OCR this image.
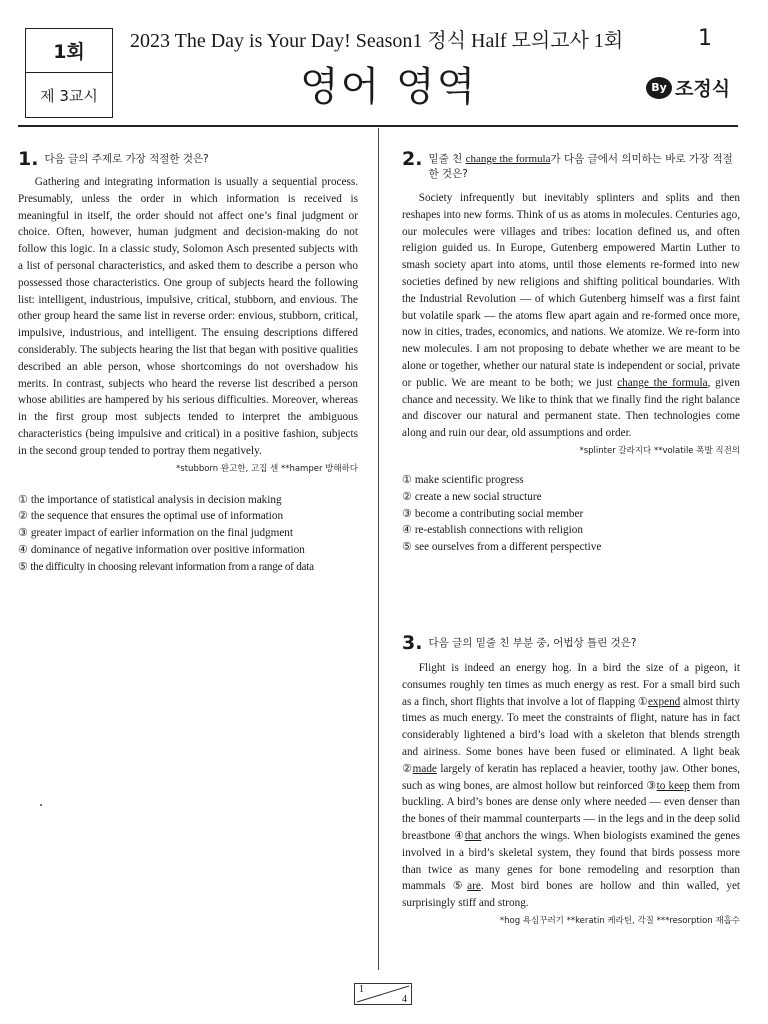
1회
제 3교시
2023 The Day is Your Day! Season1 정식 Half 모의고사 1회	1
영어 영역	By 조정식
1. 다음 글의 주제로 가장 적절한 것은?

Gathering and integrating information is usually a sequential process. Presumably, unless the order in which information is received is meaningful in itself, the order should not affect one’s final judgment or choice. Often, however, human judgment and decision-making do not follow this logic. In a classic study, Solomon Asch presented subjects with a list of personal characteristics, and asked them to describe a person who possessed those characteristics. One group of subjects heard the following list: intelligent, industrious, impulsive, critical, stubborn, and envious. The other group heard the same list in reverse order: envious, stubborn, critical, impulsive, industrious, and intelligent. The ensuing descriptions differed considerably. The subjects hearing the list that began with positive qualities described an able person, whose shortcomings do not overshadow his merits. In contrast, subjects who heard the reverse list described a person whose abilities are hampered by his serious difficulties. Moreover, whereas in the first group most subjects tended to interpret the ambiguous characteristics (being impulsive and critical) in a positive fashion, subjects in the second group tended to portray them negatively.

*stubborn 완고한, 고집 센 **hamper 방해하다
① the importance of statistical analysis in decision making
② the sequence that ensures the optimal use of information
③ greater impact of earlier information on the final judgment
④ dominance of negative information over positive information
⑤ the difficulty in choosing relevant information from a range of data
2. 밑줄 친 change the formula가 다음 글에서 의미하는 바로 가장 적절한 것은?

Society infrequently but inevitably splinters and splits and then reshapes into new forms. Think of us as atoms in molecules. Centuries ago, our molecules were villages and tribes: location defined us, and often religion guided us. In Europe, Gutenberg empowered Martin Luther to smash society apart into atoms, until those elements re-formed into new societies defined by new religions and shifting political boundaries. With the Industrial Revolution — of which Gutenberg himself was a first faint but volatile spark — the atoms flew apart again and re-formed once more, now in cities, trades, economics, and nations. We atomize. We re-form into new molecules. I am not proposing to debate whether we are meant to be alone or together, whether our natural state is independent or social, private or public. We are meant to be both; we just change the formula, given chance and necessity. We like to think that we finally find the right balance and discover our natural and permanent state. Then technologies come along and ruin our dear, old assumptions and order.

*splinter 갈라지다 **volatile 폭발 직전의
① make scientific progress
② create a new social structure
③ become a contributing social member
④ re-establish connections with religion
⑤ see ourselves from a different perspective
3. 다음 글의 밑줄 친 부분 중, 어법상 틀린 것은?

Flight is indeed an energy hog. In a bird the size of a pigeon, it consumes roughly ten times as much energy as rest. For a small bird such as a finch, short flights that involve a lot of flapping ①expend almost thirty times as much energy. To meet the constraints of flight, nature has in fact considerably lightened a bird’s load with a skeleton that blends strength and airiness. Some bones have been fused or eliminated. A light beak ②made largely of keratin has replaced a heavier, toothy jaw. Other bones, such as wing bones, are almost hollow but reinforced ③to keep them from buckling. A bird’s bones are dense only where needed — even denser than the bones of their mammal counterparts — in the legs and in the deep solid breastbone ④that anchors the wings. When biologists examined the genes involved in a bird’s skeletal system, they found that birds possess more than twice as many genes for bone remodeling and resorption than mammals ⑤are. Most bird bones are hollow and thin walled, yet surprisingly stiff and strong.

*hog 욕심꾸러기 **keratin 케라틴, 각질 ***resorption 재흡수
1
4
